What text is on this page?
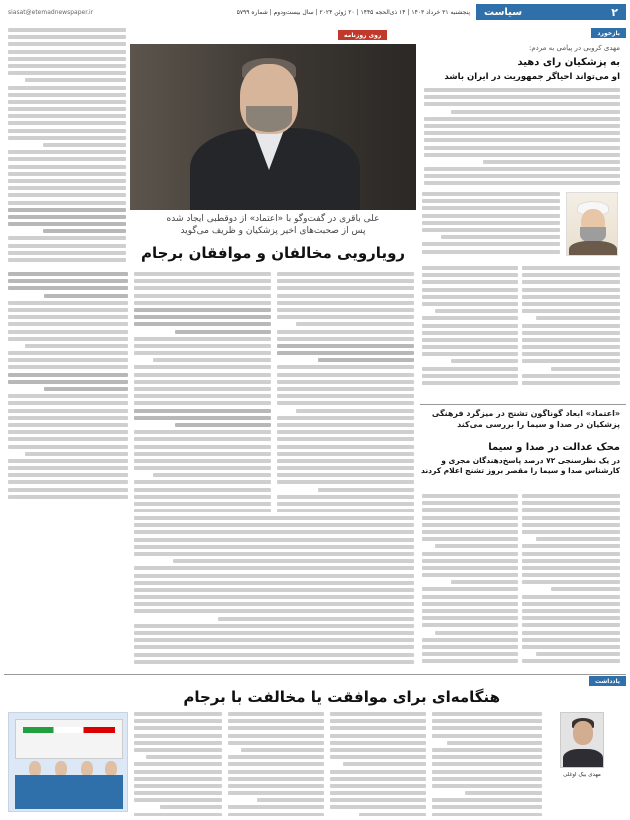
siasat@etemadnewspaper.ir	پنجشنبه ۳۱ خرداد ۱۴۰۳ | ۱۴ ذی‌الحجه ۱۴۴۵ | ۲۰ ژوئن ۲۰۲۴ | سال بیست‌ودوم | شماره ۵۷۹۹	۲
سیاست
بازخورد
مهدی کروبی در پیامی به مردم:
به پزشکیان رای دهید
او می‌تواند احیاگر جمهوریت در ایران باشد
«اعتماد» ابعاد گوناگون تشنج در میزگرد فرهنگی پزشکیان در صدا و سیما را بررسی می‌کند
محک عدالت در صدا و سیما
در یک نظرسنجی ۷۲ درصد پاسخ‌دهندگان مجری و کارشناس صدا و سیما را مقصر بروز تشنج اعلام کردند
روی روزنامه
علی باقری در گفت‌وگو با «اعتماد» از دوقطبی ایجاد شده
پس از صحبت‌های اخیر پزشکیان و ظریف می‌گوید
رویارویی مخالفان و موافقان برجام
یادداشت
هنگامه‌ای برای موافقت یا مخالفت با برجام
مهدی بیک اوغلی
